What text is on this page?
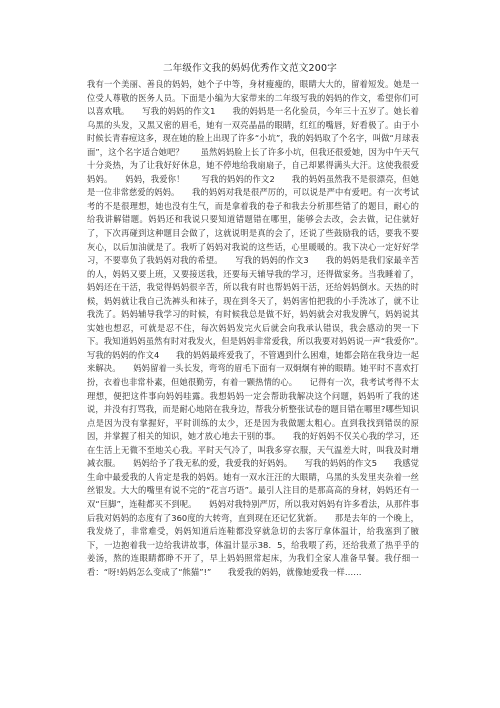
二年级作文我的妈妈优秀作文范文200字

我有一个美丽、善良的妈妈，她个子中等，身材瘦瘦的，眼睛大大的，留着短发。她是一位受人尊敬的医务人员。下面是小编为大家带来的二年级写我的妈妈的作文，希望你们可以喜欢哦。　　写我的妈妈的作文1　　我的妈妈是一名化验员，今年三十五岁了。她长着乌黑的头发，又黑又密的眉毛，她有一双亮晶晶的眼睛，红红的嘴唇，好看极了。由于小时候长青春痘这多，现在她的脸上出现了许多“小坑”，我的妈妈取了个名字，叫做“月球表面”，这个名字适合她吧？　　虽然妈妈脸上长了许多小坑，但我还很爱她，因为中午天气十分炎热，为了让我好好休息，她不停地给我扇扇子，自己却累得满头大汗。这使我很爱妈妈。　　妈妈，我爱你！　　写我的妈妈的作文2　　我的妈妈虽然我不是很漂亮，但她是一位非常慈爱的妈妈。　　我的妈妈对我是很严厉的，可以说是严中有爱吧。有一次考试考的不是很理想，她也没有生气，而是拿着我的卷子和我去分析那些错了的题目，耐心的给我讲解错题。妈妈还和我说只要知道错题错在哪里，能够会去改，会去做，记住就好了，下次再碰到这种题目会做了，这就说明是真的会了，还说了些鼓励我的话，要我不要灰心，以后加油就是了。我听了妈妈对我说的这些话，心里暖暖的。我下决心一定好好学习，不要辜负了我妈妈对我的希望。　　写我的妈妈的作文3　　我的妈妈是我们家最辛苦的人，妈妈又要上班，又要接送我，还要每天辅导我的学习，还得做家务。当我睡着了，妈妈还在干活，我觉得妈妈很辛苦，所以我有时也帮妈妈干活，还给妈妈倒水。天热的时候，妈妈就让我自己洗裤头和袜子，现在到冬天了，妈妈害怕把我的小手洗冰了，就不让我洗了。妈妈辅导我学习的时候，有时候我总是做不好，妈妈就会对我发脾气，妈妈说其实她也想忍，可就是忍不住，每次妈妈发完火后就会向我承认错误，我会感动的哭一下下。我知道妈妈虽然有时对我发火，但是妈妈非常爱我，所以我要对妈妈说一声“我爱你”。　　写我的妈妈的作文4　　我的妈妈最疼爱我了，不管遇到什么困难，她都会陪在我身边一起来解决。　　妈妈留着一头长发，弯弯的眉毛下面有一双炯炯有神的眼睛。她平时不喜欢打扮，衣着也非常朴素，但她很勤劳，有着一颗热情的心。　　记得有一次，我考试考得不太理想，便把这件事向妈妈哇露。我想妈妈一定会帮助我解决这个问题，妈妈听了我的述说，并没有打骂我，而是耐心地陪在我身边，帮我分析整张试卷的题目错在哪里?哪些知识点是因为没有掌握好，平时训练的太少，还是因为我做题太粗心。直到我找到错误的原因，并掌握了相关的知识，她才放心地去干别的事。　　我的好妈妈不仅关心我的学习，还在生活上无微不至地关心我。平时天气冷了，叫我多穿衣服，天气温差大时，叫我及时增减衣服。　　妈妈给予了我无私的爱，我爱我的好妈妈。　　写我的妈妈的作文5　　我感觉生命中最爱我的人肯定是我的妈妈。她有一双水汪汪的大眼睛，乌黑的头发里夹杂着一丝丝银发。大大的嘴里有说不完的“花言巧语”。最引人注目的是那高高的身材，妈妈还有一双“巨脚”，连鞋都买不到呢。　　妈妈对我特别严厉，所以我对妈妈有许多看法，从那件事后我对妈妈的态度有了360度的大转弯，直到现在还记忆犹新。　　那是去年的一个晚上，我发烧了，非常难受，妈妈知道后连鞋都没穿就急切的去客厅拿体温计，给我塞到了腋下，一边抱着我一边给我讲故事，体温计显示38．5，给我喂了药，还给我煮了热乎乎的姜汤，熬的连眼睛都睁不开了，早上妈妈照常起床，为我们全家人准备早餐。我仔细一看：“呀!妈妈怎么变成了“熊猫”!”　　我爱我的妈妈，就像她爱我一样……
